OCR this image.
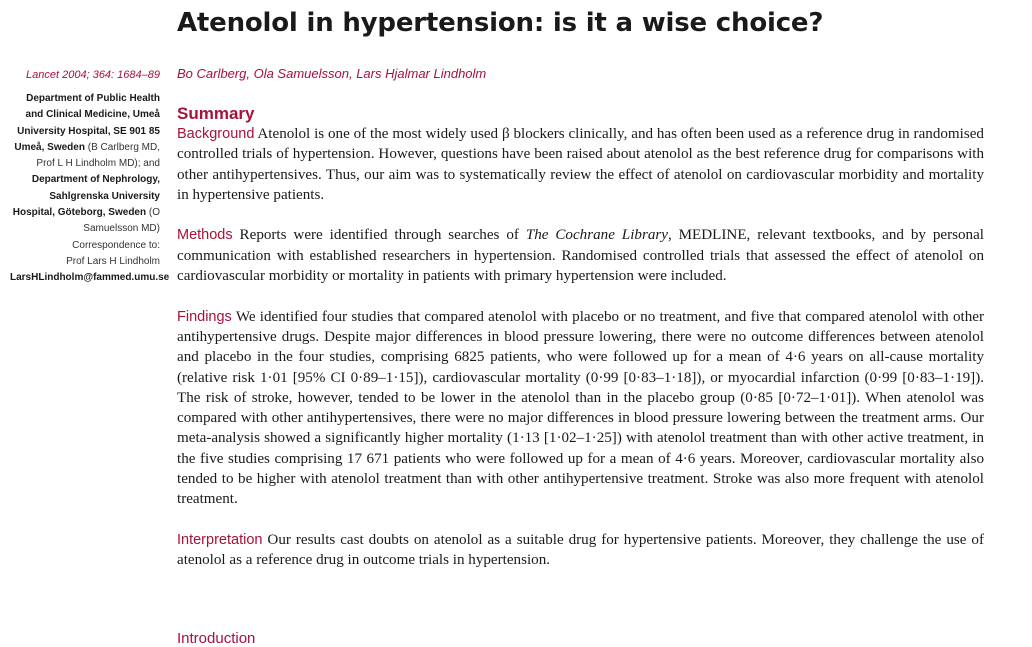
Atenolol in hypertension: is it a wise choice?
Lancet 2004; 364: 1684–89 Bo Carlberg, Ola Samuelsson, Lars Hjalmar Lindholm
Department of Public Health and Clinical Medicine, Umeå University Hospital, SE 901 85 Umeå, Sweden (B Carlberg MD, Prof L H Lindholm MD); and Department of Nephrology, Sahlgrenska University Hospital, Göteborg, Sweden (O Samuelsson MD)
Correspondence to:
Prof Lars H Lindholm
LarsHLindholm@fammed.umu.se
Summary

Background Atenolol is one of the most widely used β blockers clinically, and has often been used as a reference drug in randomised controlled trials of hypertension. However, questions have been raised about atenolol as the best reference drug for comparisons with other antihypertensives. Thus, our aim was to systematically review the effect of atenolol on cardiovascular morbidity and mortality in hypertensive patients.

Methods Reports were identified through searches of The Cochrane Library, MEDLINE, relevant textbooks, and by personal communication with established researchers in hypertension. Randomised controlled trials that assessed the effect of atenolol on cardiovascular morbidity or mortality in patients with primary hypertension were included.

Findings We identified four studies that compared atenolol with placebo or no treatment, and five that compared atenolol with other antihypertensive drugs. Despite major differences in blood pressure lowering, there were no outcome differences between atenolol and placebo in the four studies, comprising 6825 patients, who were followed up for a mean of 4·6 years on all-cause mortality (relative risk 1·01 [95% CI 0·89–1·15]), cardiovascular mortality (0·99 [0·83–1·18]), or myocardial infarction (0·99 [0·83–1·19]). The risk of stroke, however, tended to be lower in the atenolol than in the placebo group (0·85 [0·72–1·01]). When atenolol was compared with other antihypertensives, there were no major differences in blood pressure lowering between the treatment arms. Our meta-analysis showed a significantly higher mortality (1·13 [1·02–1·25]) with atenolol treatment than with other active treatment, in the five studies comprising 17 671 patients who were followed up for a mean of 4·6 years. Moreover, cardiovascular mortality also tended to be higher with atenolol treatment than with other antihypertensive treatment. Stroke was also more frequent with atenolol treatment.

Interpretation Our results cast doubts on atenolol as a suitable drug for hypertensive patients. Moreover, they challenge the use of atenolol as a reference drug in outcome trials in hypertension.

Introduction
